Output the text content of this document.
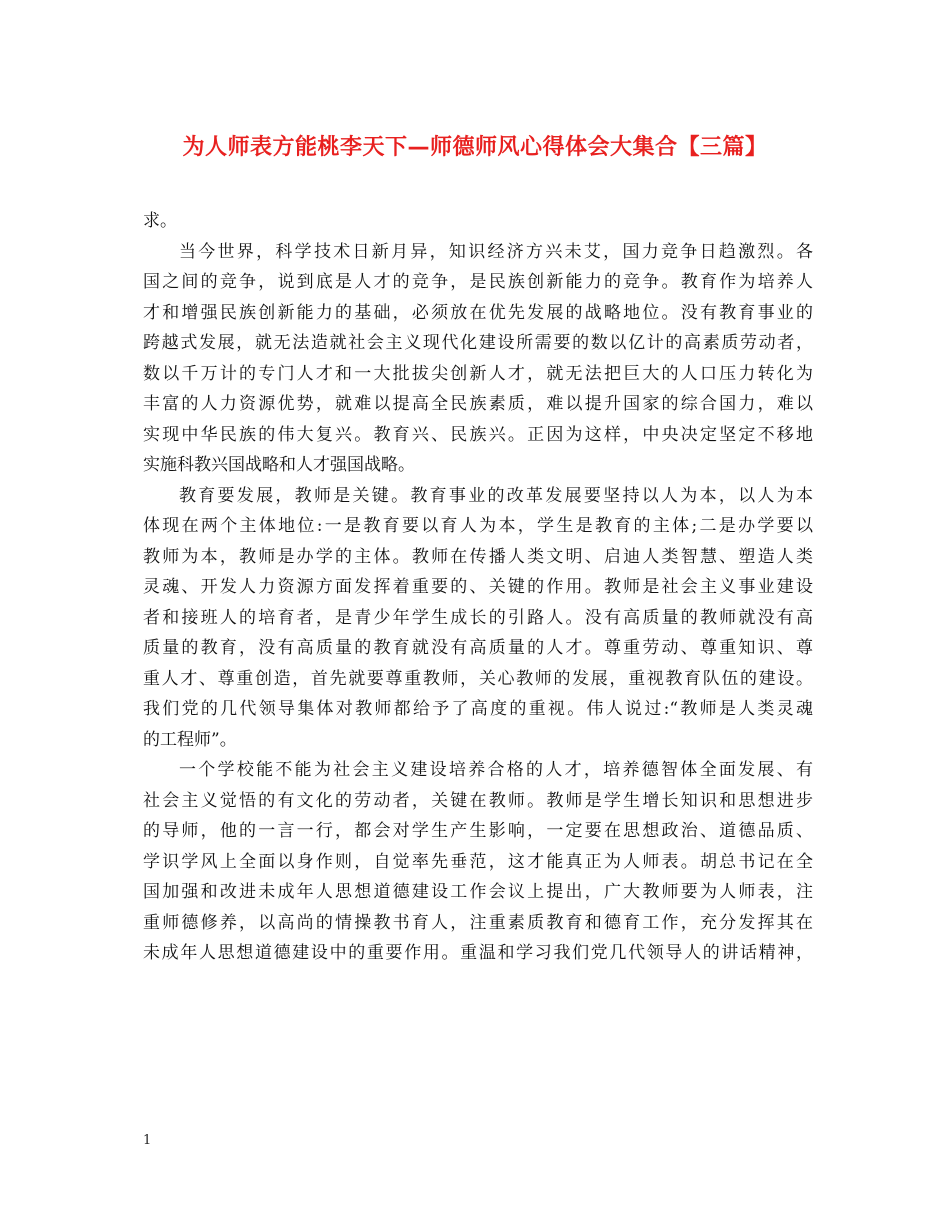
为人师表方能桃李天下—师德师风心得体会大集合【三篇】

求。

当今世界，科学技术日新月异，知识经济方兴未艾，国力竞争日趋激烈。各

国之间的竞争，说到底是人才的竞争，是民族创新能力的竞争。教育作为培养人

才和增强民族创新能力的基础，必须放在优先发展的战略地位。没有教育事业的

跨越式发展，就无法造就社会主义现代化建设所需要的数以亿计的高素质劳动者，

数以千万计的专门人才和一大批拔尖创新人才，就无法把巨大的人口压力转化为

丰富的人力资源优势，就难以提高全民族素质，难以提升国家的综合国力，难以

实现中华民族的伟大复兴。教育兴、民族兴。正因为这样，中央决定坚定不移地

实施科教兴国战略和人才强国战略。

教育要发展，教师是关键。教育事业的改革发展要坚持以人为本，以人为本

体现在两个主体地位:一是教育要以育人为本，学生是教育的主体;二是办学要以

教师为本，教师是办学的主体。教师在传播人类文明、启迪人类智慧、塑造人类

灵魂、开发人力资源方面发挥着重要的、关键的作用。教师是社会主义事业建设

者和接班人的培育者，是青少年学生成长的引路人。没有高质量的教师就没有高

质量的教育，没有高质量的教育就没有高质量的人才。尊重劳动、尊重知识、尊

重人才、尊重创造，首先就要尊重教师，关心教师的发展，重视教育队伍的建设。

我们党的几代领导集体对教师都给予了高度的重视。伟人说过:“教师是人类灵魂

的工程师”。

一个学校能不能为社会主义建设培养合格的人才，培养德智体全面发展、有

社会主义觉悟的有文化的劳动者，关键在教师。教师是学生增长知识和思想进步

的导师，他的一言一行，都会对学生产生影响，一定要在思想政治、道德品质、

学识学风上全面以身作则，自觉率先垂范，这才能真正为人师表。胡总书记在全

国加强和改进未成年人思想道德建设工作会议上提出，广大教师要为人师表，注

重师德修养，以高尚的情操教书育人，注重素质教育和德育工作，充分发挥其在

未成年人思想道德建设中的重要作用。重温和学习我们党几代领导人的讲话精神，

1
